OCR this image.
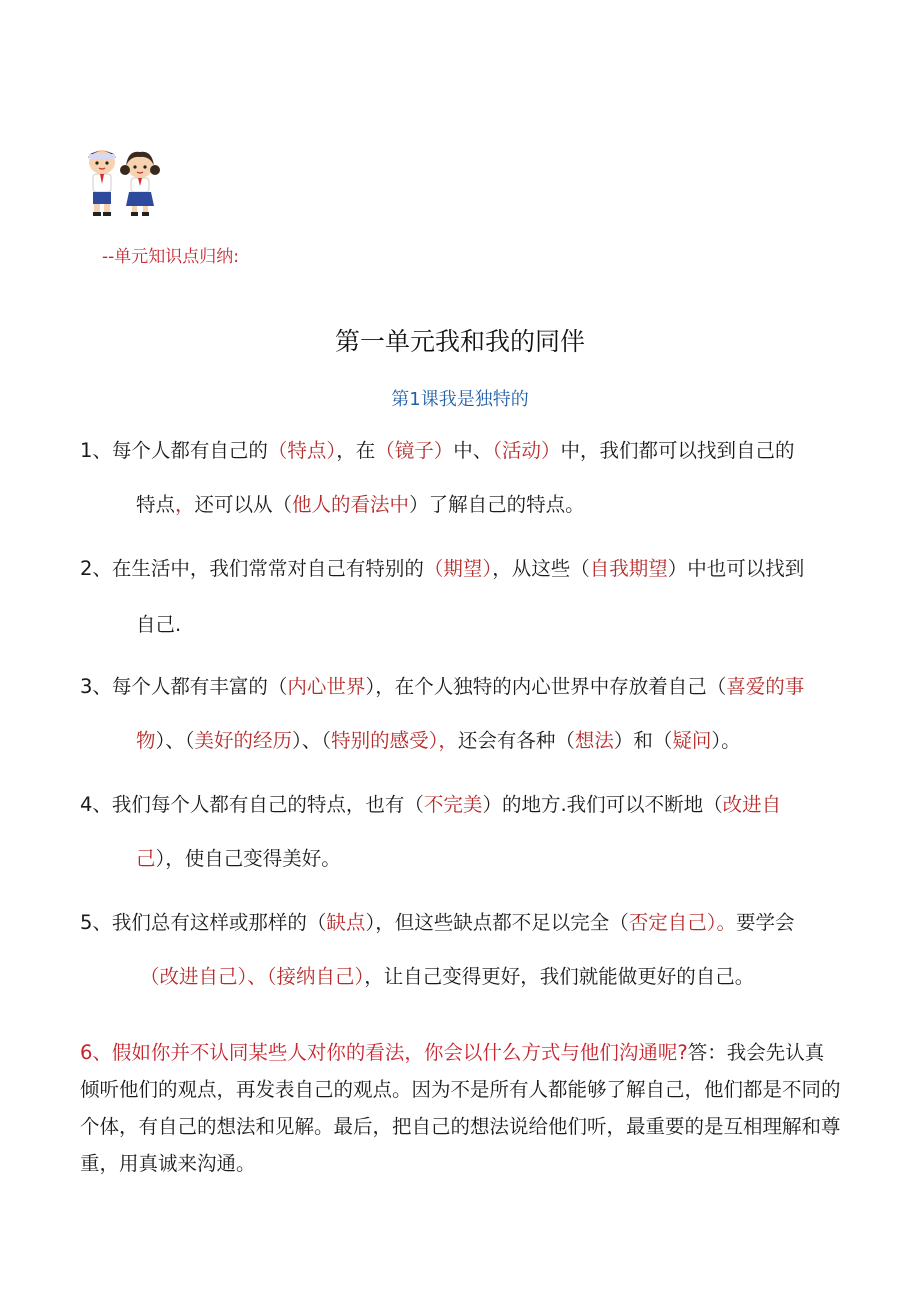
--单元知识点归纳:
第一单元我和我的同伴
第1课我是独特的
1、每个人都有自己的（特点），在（镜子）中、（活动）中，我们都可以找到自己的
特点，还可以从（他人的看法中）了解自己的特点。
2、在生活中，我们常常对自己有特别的（期望），从这些（自我期望）中也可以找到
自己.
3、每个人都有丰富的（内心世界），在个人独特的内心世界中存放着自己（喜爱的事
物）、（美好的经历）、（特别的感受），还会有各种（想法）和（疑问）。
4、我们每个人都有自己的特点，也有（不完美）的地方.我们可以不断地（改进自
己），使自己变得美好。
5、我们总有这样或那样的（缺点），但这些缺点都不足以完全（否定自己）。要学会
（改进自己）、（接纳自己），让自己变得更好，我们就能做更好的自己。
6、假如你并不认同某些人对你的看法，你会以什么方式与他们沟通呢?答：我会先认真倾听他们的观点，再发表自己的观点。因为不是所有人都能够了解自己，他们都是不同的个体，有自己的想法和见解。最后，把自己的想法说给他们听，最重要的是互相理解和尊重，用真诚来沟通。
